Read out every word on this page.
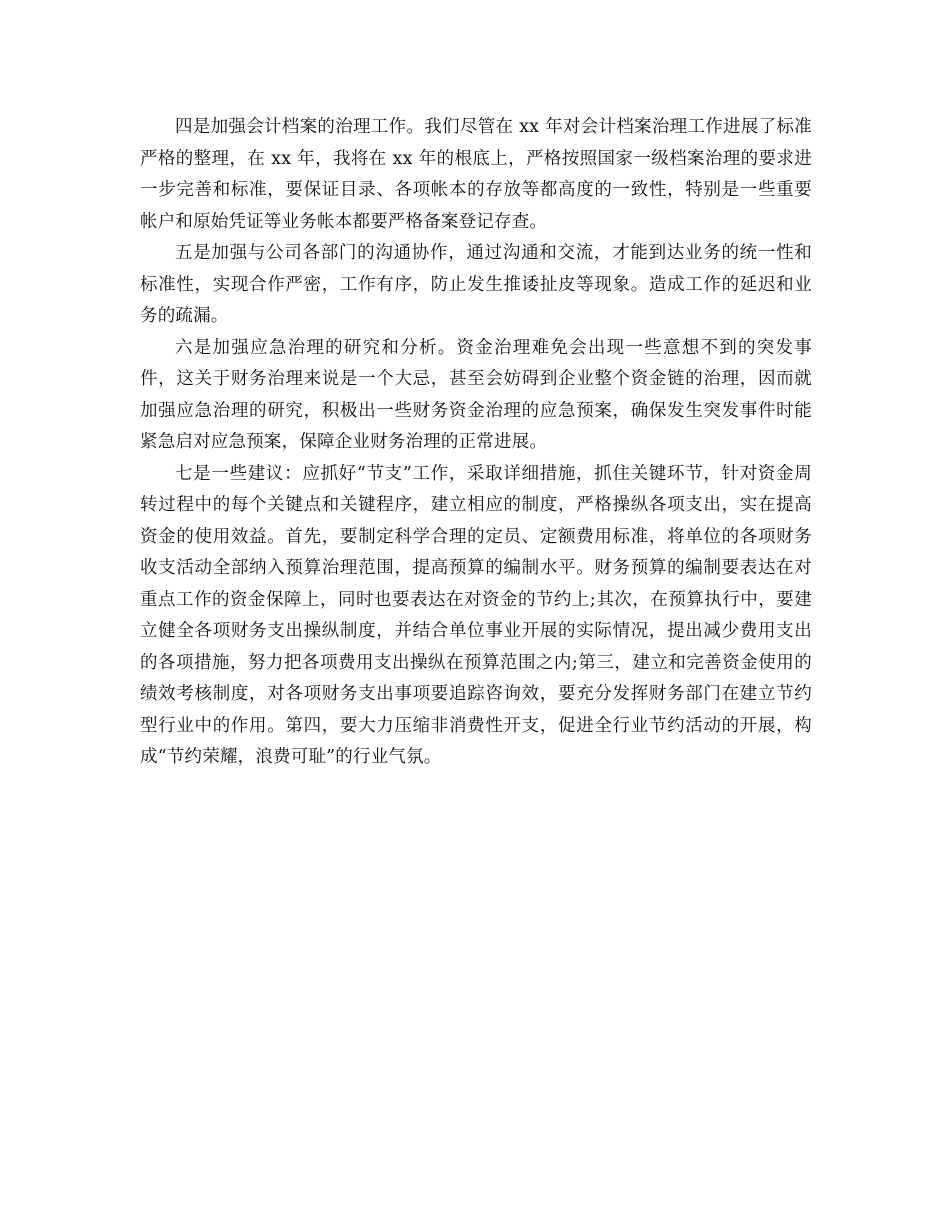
四是加强会计档案的治理工作。我们尽管在 xx 年对会计档案治理工作进展了标准严格的整理，在 xx 年，我将在 xx 年的根底上，严格按照国家一级档案治理的要求进一步完善和标准，要保证目录、各项帐本的存放等都高度的一致性，特别是一些重要帐户和原始凭证等业务帐本都要严格备案登记存查。

五是加强与公司各部门的沟通协作，通过沟通和交流，才能到达业务的统一性和标准性，实现合作严密，工作有序，防止发生推诿扯皮等现象。造成工作的延迟和业务的疏漏。

六是加强应急治理的研究和分析。资金治理难免会出现一些意想不到的突发事件，这关于财务治理来说是一个大忌，甚至会妨碍到企业整个资金链的治理，因而就加强应急治理的研究，积极出一些财务资金治理的应急预案，确保发生突发事件时能紧急启对应急预案，保障企业财务治理的正常进展。

七是一些建议：应抓好“节支”工作，采取详细措施，抓住关键环节，针对资金周转过程中的每个关键点和关键程序，建立相应的制度，严格操纵各项支出，实在提高资金的使用效益。首先，要制定科学合理的定员、定额费用标准，将单位的各项财务收支活动全部纳入预算治理范围，提高预算的编制水平。财务预算的编制要表达在对重点工作的资金保障上，同时也要表达在对资金的节约上;其次，在预算执行中，要建立健全各项财务支出操纵制度，并结合单位事业开展的实际情况，提出减少费用支出的各项措施，努力把各项费用支出操纵在预算范围之内;第三，建立和完善资金使用的绩效考核制度，对各项财务支出事项要追踪咨询效，要充分发挥财务部门在建立节约型行业中的作用。第四，要大力压缩非消费性开支，促进全行业节约活动的开展，构成“节约荣耀，浪费可耻”的行业气氛。
